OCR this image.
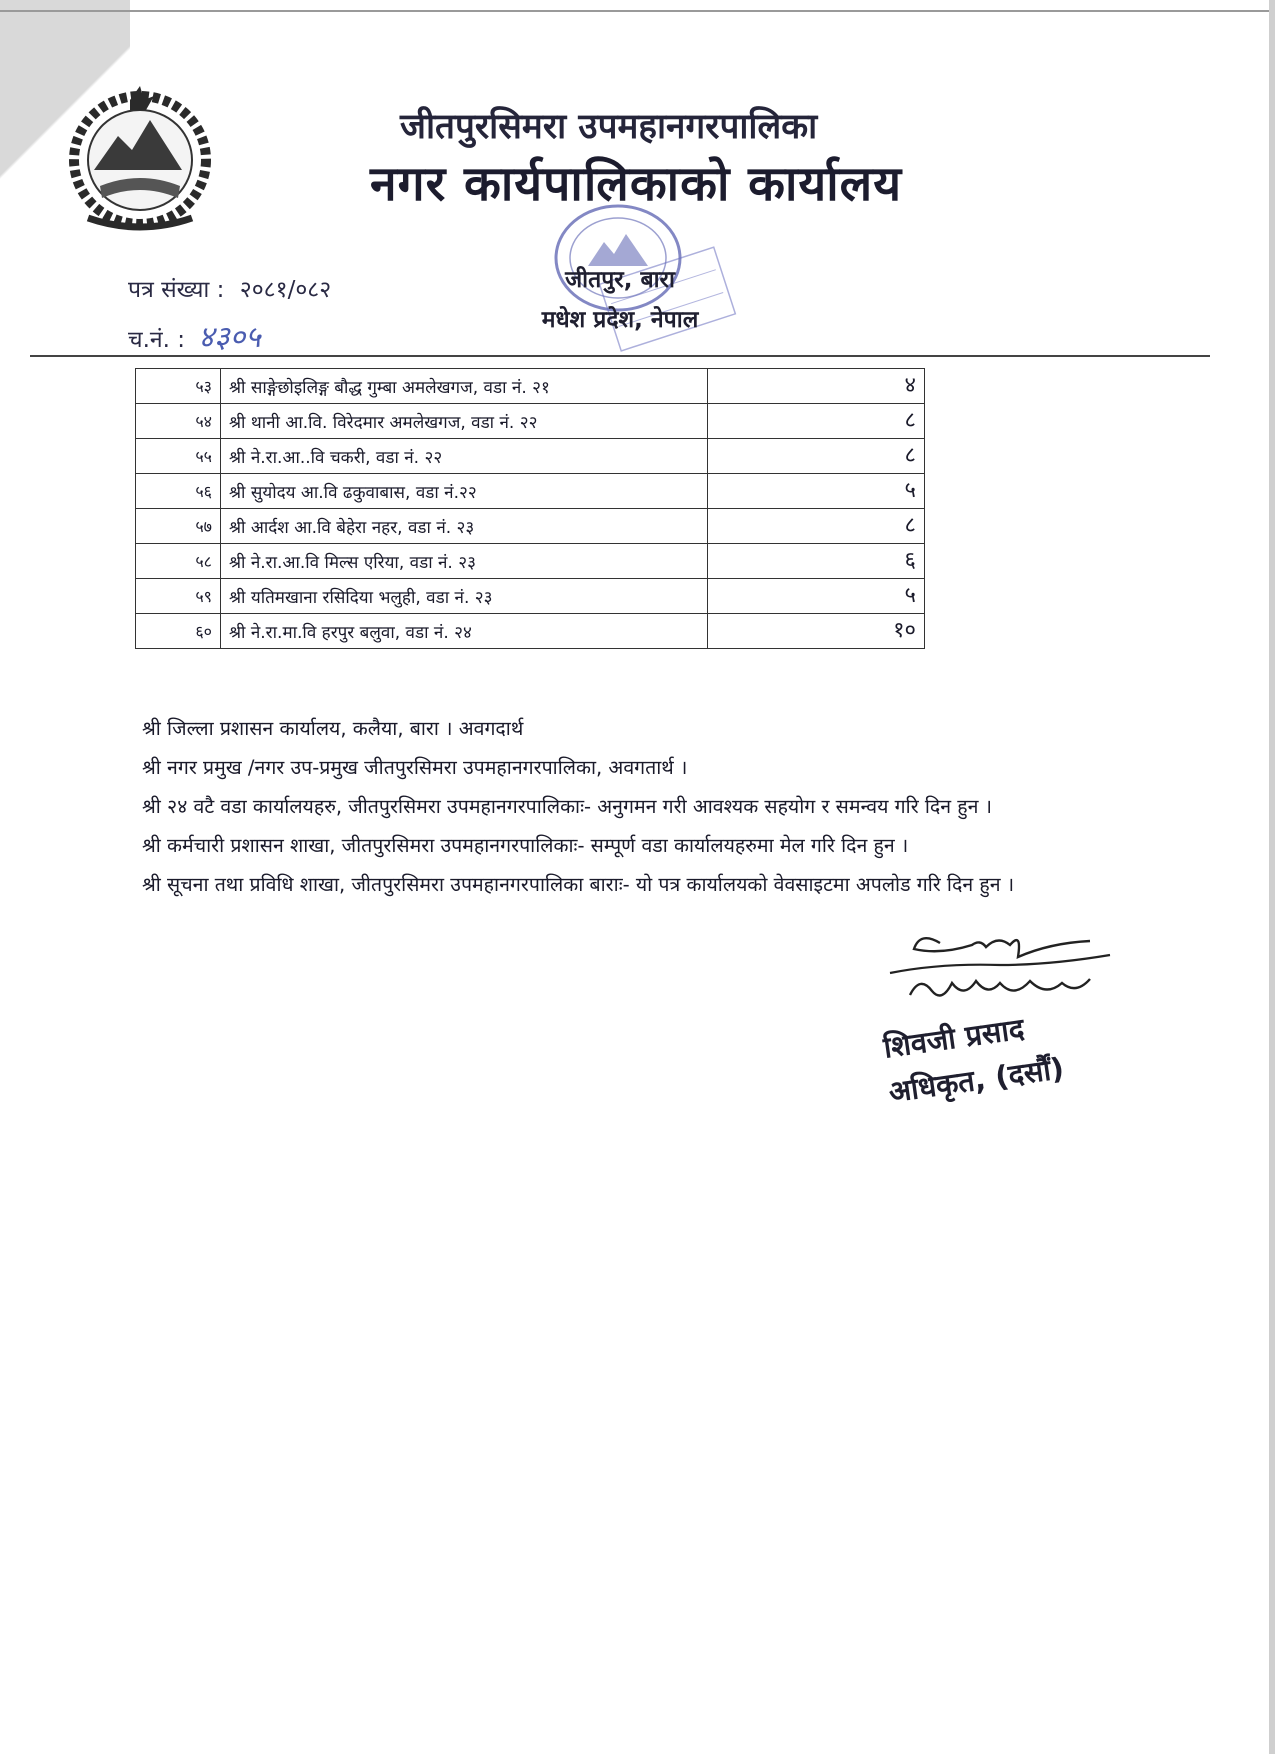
जीतपुरसिमरा उपमहानगरपालिका
नगर कार्यपालिकाको कार्यालय
जीतपुर, बारा
मधेश प्रदेश, नेपाल
पत्र संख्या : २०८१/०८२
च.नं. : ४३०५
५३	श्री साङ्गेछोइलिङ्ग बौद्ध गुम्बा अमलेखगज, वडा नं. २१	४
५४	श्री थानी आ.वि. विरेदमार अमलेखगज, वडा नं. २२	८
५५	श्री ने.रा.आ..वि चकरी, वडा नं. २२	८
५६	श्री सुयोदय आ.वि ढकुवाबास, वडा नं.२२	५
५७	श्री आर्दश आ.वि बेहेरा नहर, वडा नं. २३	८
५८	श्री ने.रा.आ.वि मिल्स एरिया, वडा नं. २३	६
५९	श्री यतिमखाना रसिदिया भलुही, वडा नं. २३	५
६०	श्री ने.रा.मा.वि हरपुर बलुवा, वडा नं. २४	१०
श्री जिल्ला प्रशासन कार्यालय, कलैया, बारा । अवगदार्थ
श्री नगर प्रमुख /नगर उप-प्रमुख जीतपुरसिमरा उपमहानगरपालिका, अवगतार्थ ।
श्री २४ वटै वडा कार्यालयहरु, जीतपुरसिमरा उपमहानगरपालिकाः- अनुगमन गरी आवश्यक सहयोग र समन्वय गरि दिन हुन ।
श्री कर्मचारी प्रशासन शाखा, जीतपुरसिमरा उपमहानगरपालिकाः- सम्पूर्ण वडा कार्यालयहरुमा मेल गरि दिन हुन ।
श्री सूचना तथा प्रविधि शाखा, जीतपुरसिमरा उपमहानगरपालिका बाराः- यो पत्र कार्यालयको वेवसाइटमा अपलोड गरि दिन हुन ।
शिवजी प्रसाद
अधिकृत, (दर्सौं)
